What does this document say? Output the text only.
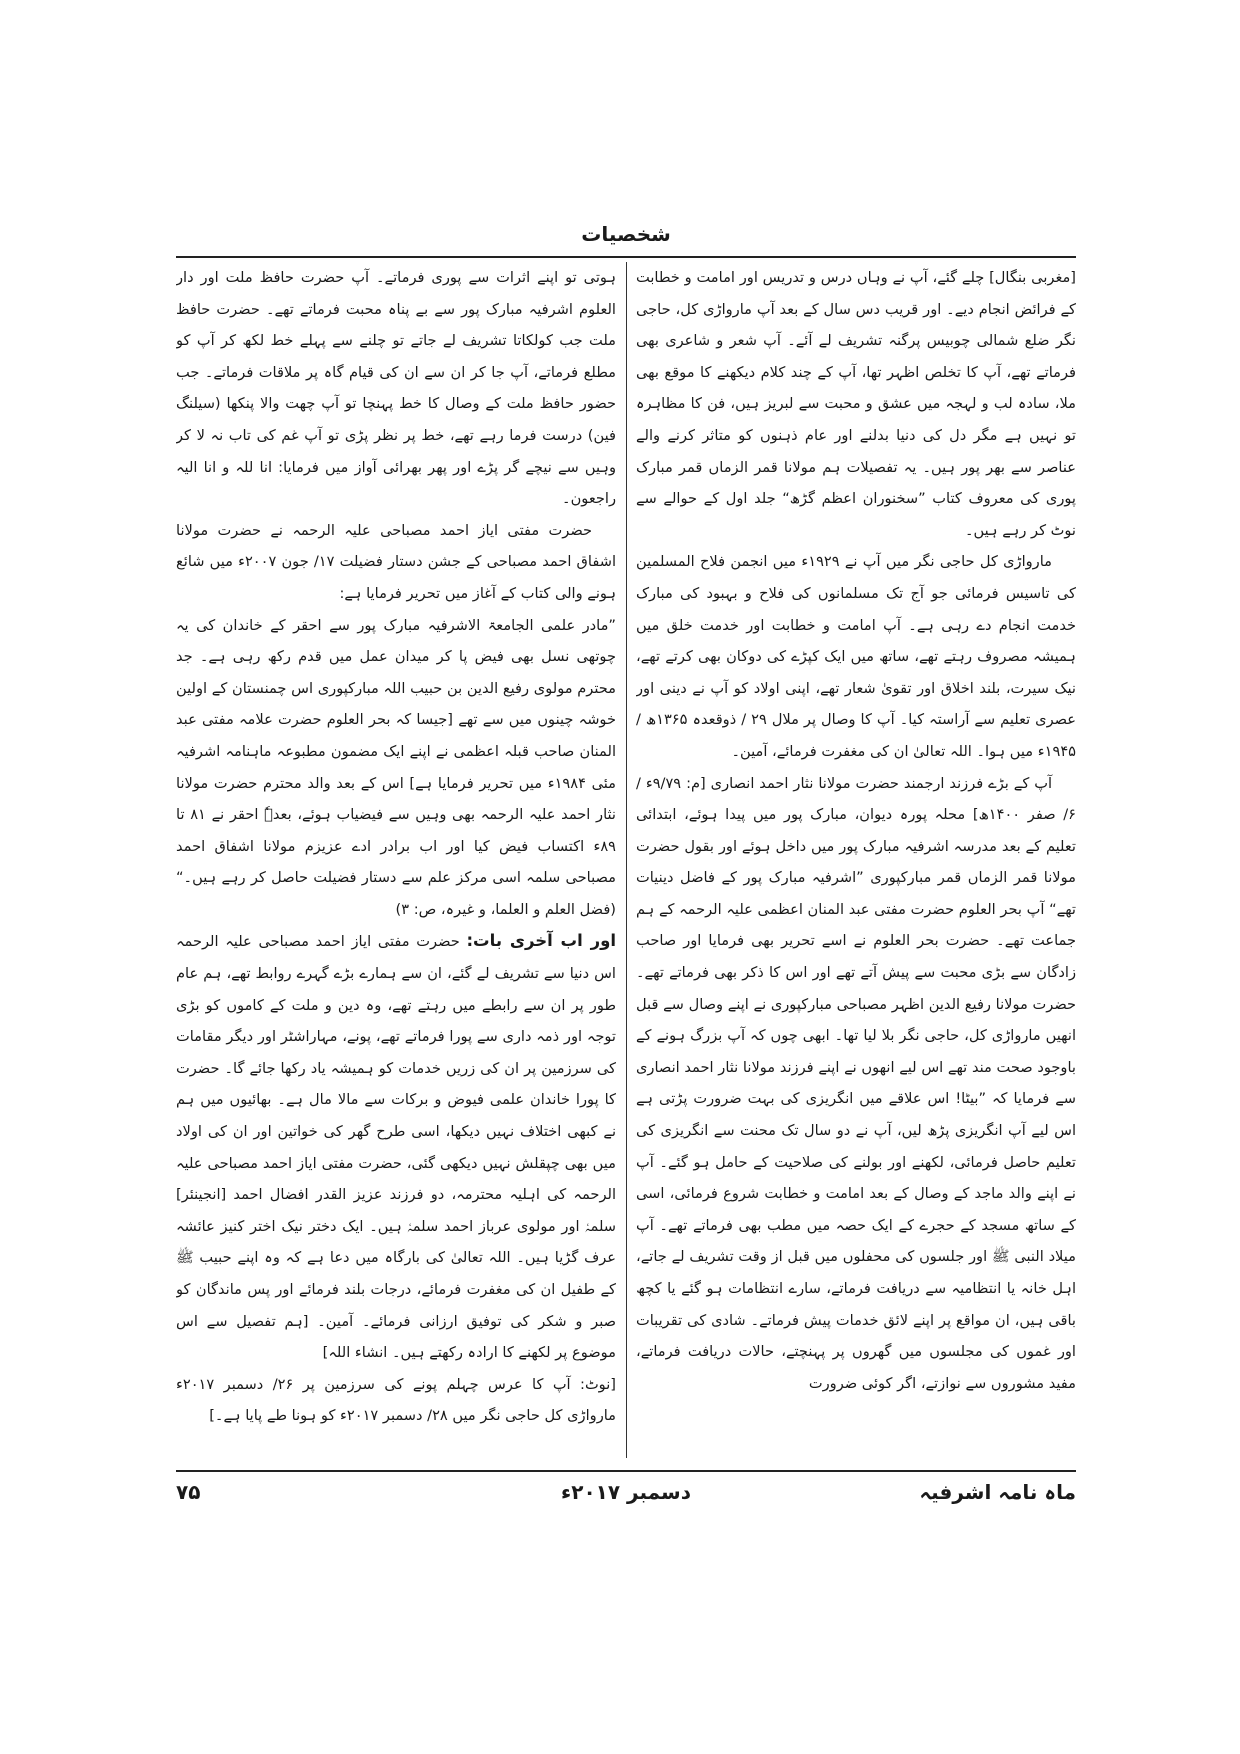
شخصیات

[مغربی بنگال] چلے گئے، آپ نے وہاں درس و تدریس اور امامت و خطابت کے فرائض انجام دیے۔ اور قریب دس سال کے بعد آپ مارواڑی کل، حاجی نگر ضلع شمالی چوبیس پرگنہ تشریف لے آئے۔ آپ شعر و شاعری بھی فرماتے تھے، آپ کا تخلص اظہر تھا، آپ کے چند کلام دیکھنے کا موقع بھی ملا، سادہ لب و لہجہ میں عشق و محبت سے لبریز ہیں، فن کا مظاہرہ تو نہیں ہے مگر دل کی دنیا بدلنے اور عام ذہنوں کو متاثر کرنے والے عناصر سے بھر پور ہیں۔ یہ تفصیلات ہم مولانا قمر الزماں قمر مبارک پوری کی معروف کتاب ”سخنوران اعظم گڑھ“ جلد اول کے حوالے سے نوٹ کر رہے ہیں۔

مارواڑی کل حاجی نگر میں آپ نے ۱۹۲۹ء میں انجمن فلاح المسلمین کی تاسیس فرمائی جو آج تک مسلمانوں کی فلاح و بہبود کی مبارک خدمت انجام دے رہی ہے۔ آپ امامت و خطابت اور خدمت خلق میں ہمیشہ مصروف رہتے تھے، ساتھ میں ایک کپڑے کی دوکان بھی کرتے تھے، نیک سیرت، بلند اخلاق اور تقویٰ شعار تھے، اپنی اولاد کو آپ نے دینی اور عصری تعلیم سے آراستہ کیا۔ آپ کا وصال پر ملال ۲۹ / ذوقعدہ ۱۳۶۵ھ / ۱۹۴۵ء میں ہوا۔ اللہ تعالیٰ ان کی مغفرت فرمائے، آمین۔

آپ کے بڑے فرزند ارجمند حضرت مولانا نثار احمد انصاری [م: ۹/۷۹ء / ۶/ صفر ۱۴۰۰ھ] محلہ پورہ دیوان، مبارک پور میں پیدا ہوئے، ابتدائی تعلیم کے بعد مدرسہ اشرفیہ مبارک پور میں داخل ہوئے اور بقول حضرت مولانا قمر الزماں قمر مبارکپوری ”اشرفیہ مبارک پور کے فاضل دینیات تھے“ آپ بحر العلوم حضرت مفتی عبد المنان اعظمی علیہ الرحمہ کے ہم جماعت تھے۔ حضرت بحر العلوم نے اسے تحریر بھی فرمایا اور صاحب زادگان سے بڑی محبت سے پیش آتے تھے اور اس کا ذکر بھی فرماتے تھے۔ حضرت مولانا رفیع الدین اظہر مصباحی مبارکپوری نے اپنے وصال سے قبل انھیں مارواڑی کل، حاجی نگر بلا لیا تھا۔ ابھی چوں کہ آپ بزرگ ہونے کے باوجود صحت مند تھے اس لیے انھوں نے اپنے فرزند مولانا نثار احمد انصاری سے فرمایا کہ ”بیٹا! اس علاقے میں انگریزی کی بہت ضرورت پڑتی ہے اس لیے آپ انگریزی پڑھ لیں، آپ نے دو سال تک محنت سے انگریزی کی تعلیم حاصل فرمائی، لکھنے اور بولنے کی صلاحیت کے حامل ہو گئے۔ آپ نے اپنے والد ماجد کے وصال کے بعد امامت و خطابت شروع فرمائی، اسی کے ساتھ مسجد کے حجرے کے ایک حصہ میں مطب بھی فرماتے تھے۔ آپ میلاد النبی ﷺ اور جلسوں کی محفلوں میں قبل از وقت تشریف لے جاتے، اہل خانہ یا انتظامیہ سے دریافت فرماتے، سارے انتظامات ہو گئے یا کچھ باقی ہیں، ان مواقع پر اپنے لائق خدمات پیش فرماتے۔ شادی کی تقریبات اور غموں کی مجلسوں میں گھروں پر پہنچتے، حالات دریافت فرماتے، مفید مشوروں سے نوازتے، اگر کوئی ضرورت

ہوتی تو اپنے اثرات سے پوری فرماتے۔ آپ حضرت حافظ ملت اور دار العلوم اشرفیہ مبارک پور سے بے پناہ محبت فرماتے تھے۔ حضرت حافظ ملت جب کولکاتا تشریف لے جاتے تو چلنے سے پہلے خط لکھ کر آپ کو مطلع فرماتے، آپ جا کر ان سے ان کی قیام گاہ پر ملاقات فرماتے۔ جب حضور حافظ ملت کے وصال کا خط پہنچا تو آپ چھت والا پنکھا (سیلنگ فین) درست فرما رہے تھے، خط پر نظر پڑی تو آپ غم کی تاب نہ لا کر وہیں سے نیچے گر پڑے اور پھر بھرائی آواز میں فرمایا: انا للہ و انا الیہ راجعون۔

حضرت مفتی ایاز احمد مصباحی علیہ الرحمہ نے حضرت مولانا اشفاق احمد مصباحی کے جشن دستار فضیلت ۱۷/ جون ۲۰۰۷ء میں شائع ہونے والی کتاب کے آغاز میں تحریر فرمایا ہے:

”مادر علمی الجامعۃ الاشرفیہ مبارک پور سے احقر کے خاندان کی یہ چوتھی نسل بھی فیض پا کر میدان عمل میں قدم رکھ رہی ہے۔ جد محترم مولوی رفیع الدین بن حبیب اللہ مبارکپوری اس چمنستان کے اولین خوشہ چینوں میں سے تھے [جیسا کہ بحر العلوم حضرت علامہ مفتی عبد المنان صاحب قبلہ اعظمی نے اپنے ایک مضمون مطبوعہ ماہنامہ اشرفیہ مئی ۱۹۸۴ء میں تحریر فرمایا ہے] اس کے بعد والد محترم حضرت مولانا نثار احمد علیہ الرحمہ بھی وہیں سے فیضیاب ہوئے، بعدہٗ احقر نے ۸۱ تا ۸۹ء اکتساب فیض کیا اور اب برادر ادے عزیزم مولانا اشفاق احمد مصباحی سلمہ اسی مرکز علم سے دستار فضیلت حاصل کر رہے ہیں۔“ (فضل العلم و العلما، و غیرہ، ص: ۳)

اور اب آخری بات: حضرت مفتی ایاز احمد مصباحی علیہ الرحمہ اس دنیا سے تشریف لے گئے، ان سے ہمارے بڑے گہرے روابط تھے، ہم عام طور پر ان سے رابطے میں رہتے تھے، وہ دین و ملت کے کاموں کو بڑی توجہ اور ذمہ داری سے پورا فرماتے تھے، پونے، مہاراشٹر اور دیگر مقامات کی سرزمین پر ان کی زریں خدمات کو ہمیشہ یاد رکھا جائے گا۔ حضرت کا پورا خاندان علمی فیوض و برکات سے مالا مال ہے۔ بھائیوں میں ہم نے کبھی اختلاف نہیں دیکھا، اسی طرح گھر کی خواتین اور ان کی اولاد میں بھی چپقلش نہیں دیکھی گئی، حضرت مفتی ایاز احمد مصباحی علیہ الرحمہ کی اہلیہ محترمہ، دو فرزند عزیز القدر افضال احمد [انجینئر] سلمہٗ اور مولوی عرباز احمد سلمہٗ ہیں۔ ایک دختر نیک اختر کنیز عائشہ عرف گڑیا ہیں۔ اللہ تعالیٰ کی بارگاہ میں دعا ہے کہ وہ اپنے حبیب ﷺ کے طفیل ان کی مغفرت فرمائے، درجات بلند فرمائے اور پس ماندگان کو صبر و شکر کی توفیق ارزانی فرمائے۔ آمین۔ [ہم تفصیل سے اس موضوع پر لکھنے کا ارادہ رکھتے ہیں۔ انشاء اللہ]

[نوٹ: آپ کا عرس چہلم پونے کی سرزمین پر ۲۶/ دسمبر ۲۰۱۷ء مارواڑی کل حاجی نگر میں ۲۸/ دسمبر ۲۰۱۷ء کو ہونا طے پایا ہے۔]

ماہ نامہ اشرفیہ
دسمبر ۲۰۱۷ء
۷۵
